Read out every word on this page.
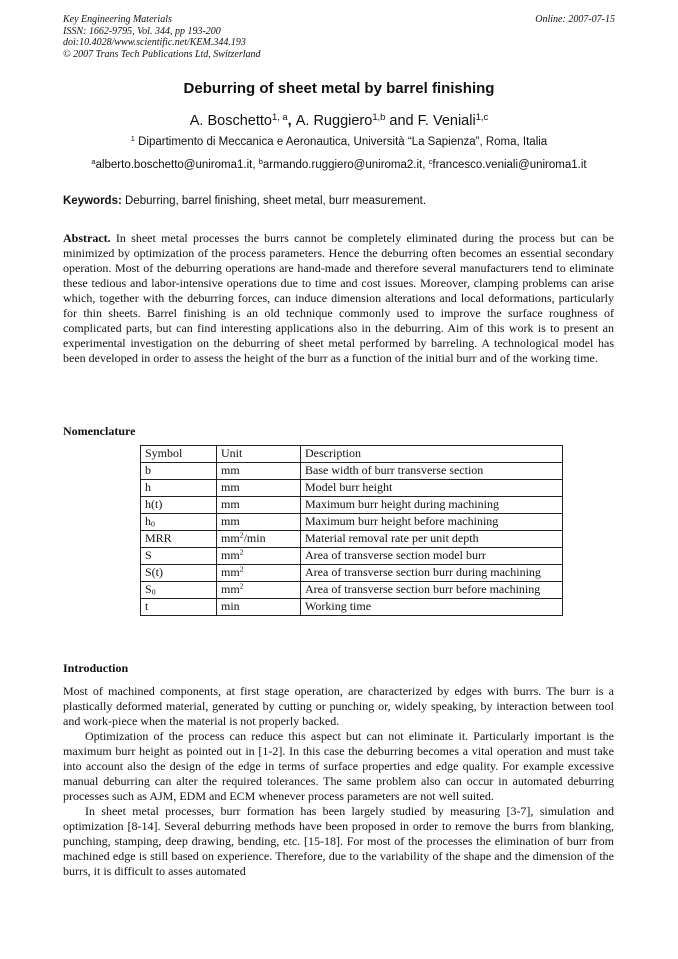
Key Engineering Materials
ISSN: 1662-9795, Vol. 344, pp 193-200
doi:10.4028/www.scientific.net/KEM.344.193
© 2007 Trans Tech Publications Ltd, Switzerland
Online: 2007-07-15
Deburring of sheet metal by barrel finishing
A. Boschetto$^{1, a}$, A. Ruggiero$^{1,b}$ and F. Veniali$^{1,c}$
$^1$ Dipartimento di Meccanica e Aeronautica, Università “La Sapienza”, Roma, Italia
$^a$alberto.boschetto@uniroma1.it, $^b$armando.ruggiero@uniroma2.it, $^c$francesco.veniali@uniroma1.it
Keywords: Deburring, barrel finishing, sheet metal, burr measurement.
Abstract. In sheet metal processes the burrs cannot be completely eliminated during the process but can be minimized by optimization of the process parameters. Hence the deburring often becomes an essential secondary operation. Most of the deburring operations are hand-made and therefore several manufacturers tend to eliminate these tedious and labor-intensive operations due to time and cost issues. Moreover, clamping problems can arise which, together with the deburring forces, can induce dimension alterations and local deformations, particularly for thin sheets. Barrel finishing is an old technique commonly used to improve the surface roughness of complicated parts, but can find interesting applications also in the deburring. Aim of this work is to present an experimental investigation on the deburring of sheet metal performed by barreling. A technological model has been developed in order to assess the height of the burr as a function of the initial burr and of the working time.
Nomenclature
Symbol	Unit	Description
b	mm	Base width of burr transverse section
h	mm	Model burr height
h(t)	mm	Maximum burr height during machining
$h_0$	mm	Maximum burr height before machining
MRR	$mm^2/\min$	Material removal rate per unit depth
S	$mm^2$	Area of transverse section model burr
S(t)	$mm^2$	Area of transverse section burr during machining
$S_0$	$mm^2$	Area of transverse section burr before machining
t	min	Working time
Introduction

Most of machined components, at first stage operation, are characterized by edges with burrs. The burr is a plastically deformed material, generated by cutting or punching or, widely speaking, by interaction between tool and work-piece when the material is not properly backed.

Optimization of the process can reduce this aspect but can not eliminate it. Particularly important is the maximum burr height as pointed out in [1-2]. In this case the deburring becomes a vital operation and must take into account also the design of the edge in terms of surface properties and edge quality. For example excessive manual deburring can alter the required tolerances. The same problem also can occur in automated deburring processes such as AJM, EDM and ECM whenever process parameters are not well suited.

In sheet metal processes, burr formation has been largely studied by measuring [3-7], simulation and optimization [8-14]. Several deburring methods have been proposed in order to remove the burrs from blanking, punching, stamping, deep drawing, bending, etc. [15-18]. For most of the processes the elimination of burr from machined edge is still based on experience. Therefore, due to the variability of the shape and the dimension of the burrs, it is difficult to asses automated
